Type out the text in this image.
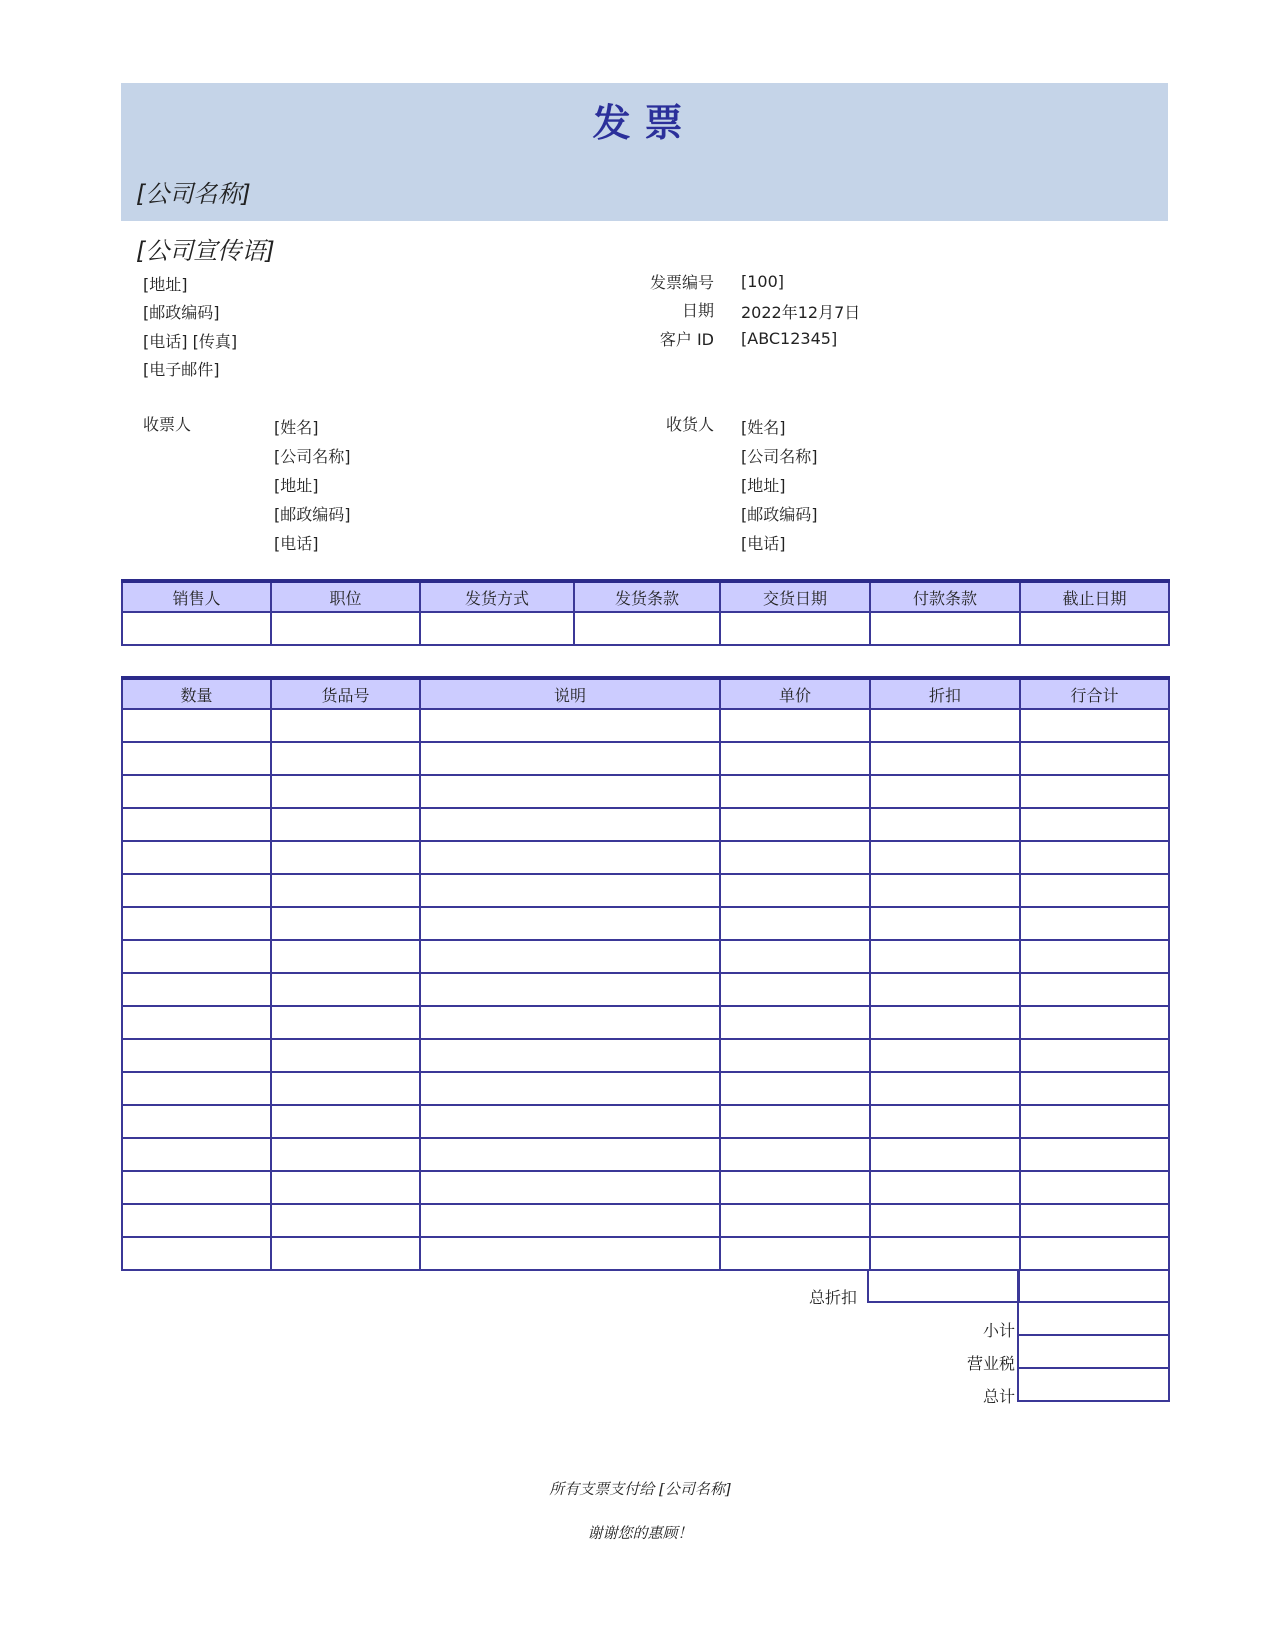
发票
[公司名称]
[公司宣传语]
[地址]
[邮政编码]
[电话] [传真]
[电子邮件]
发票编号 [100]
日期 2022年12月7日
客户 ID [ABC12345]
收票人	[姓名]
[公司名称]
[地址]
[邮政编码]
[电话]
收货人 [姓名]
[公司名称]
[地址]
[邮政编码]
[电话]
销售人	职位	发货方式	发货条款	交货日期	付款条款	截止日期

数量	货品号	说明	单价	折扣	行合计

总折扣
小计
营业税
总计
所有支票支付给 [公司名称]
谢谢您的惠顾！
